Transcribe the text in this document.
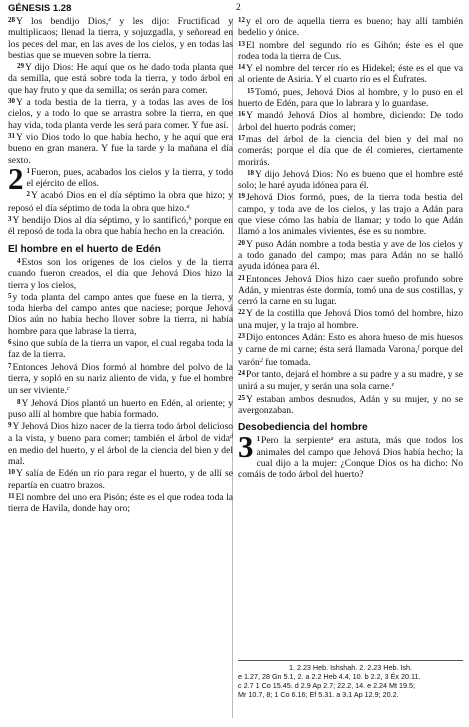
GÉNESIS 1.28	2

$^{28}$Y los bendijo Dios,$^e$ y les dijo: Fructificad y multiplicaos; llenad la tierra, y sojuzgadla, y señoread en los peces del mar, en las aves de los cielos, y en todas las bestias que se mueven sobre la tierra.

$^{29}$Y dijo Dios: He aquí que os he dado toda planta que da semilla, que está sobre toda la tierra, y todo árbol en que hay fruto y que da semilla; os serán para comer.

$^{30}$Y a toda bestia de la tierra, y a todas las aves de los cielos, y a todo lo que se arrastra sobre la tierra, en que hay vida, toda planta verde les será para comer. Y fue así.

$^{31}$Y vio Dios todo lo que había hecho, y he aquí que era bueno en gran manera. Y fue la tarde y la mañana el día sexto.

2 $^1$Fueron, pues, acabados los cielos y la tierra, y todo el ejército de ellos.

$^2$Y acabó Dios en el día séptimo la obra que hizo; y reposó el día séptimo de toda la obra que hizo.$^a$

$^3$Y bendijo Dios al día séptimo, y lo santificó,$^b$ porque en él reposó de toda la obra que había hecho en la creación.

El hombre en el huerto de Edén

$^4$Estos son los orígenes de los cielos y de la tierra cuando fueron creados, el día que Jehová Dios hizo la tierra y los cielos,

$^5$y toda planta del campo antes que fuese en la tierra, y toda hierba del campo antes que naciese; porque Jehová Dios aún no había hecho llover sobre la tierra, ni había hombre para que labrase la tierra,

$^6$sino que subía de la tierra un vapor, el cual regaba toda la faz de la tierra.

$^7$Entonces Jehová Dios formó al hombre del polvo de la tierra, y sopló en su nariz aliento de vida, y fue el hombre un ser viviente.$^c$

$^8$Y Jehová Dios plantó un huerto en Edén, al oriente; y puso allí al hombre que había formado.

$^9$Y Jehová Dios hizo nacer de la tierra todo árbol delicioso a la vista, y bueno para comer; también el árbol de vida$^d$ en medio del huerto, y el árbol de la ciencia del bien y del mal.

$^{10}$Y salía de Edén un río para regar el huerto, y de allí se repartía en cuatro brazos.

$^{11}$El nombre del uno era Pisón; éste es el que rodea toda la tierra de Havila, donde hay oro;

$^{12}$y el oro de aquella tierra es bueno; hay allí también bedelio y ónice.

$^{13}$El nombre del segundo río es Gihón; éste es el que rodea toda la tierra de Cus.

$^{14}$Y el nombre del tercer río es Hidekel; éste es el que va al oriente de Asiria. Y el cuarto río es el Éufrates.

$^{15}$Tomó, pues, Jehová Dios al hombre, y lo puso en el huerto de Edén, para que lo labrara y lo guardase.

$^{16}$Y mandó Jehová Dios al hombre, diciendo: De todo árbol del huerto podrás comer;

$^{17}$mas del árbol de la ciencia del bien y del mal no comerás; porque el día que de él comieres, ciertamente morirás.

$^{18}$Y dijo Jehová Dios: No es bueno que el hombre esté solo; le haré ayuda idónea para él.

$^{19}$Jehová Dios formó, pues, de la tierra toda bestia del campo, y toda ave de los cielos, y las trajo a Adán para que viese cómo las había de llamar; y todo lo que Adán llamó a los animales vivientes, ése es su nombre.

$^{20}$Y puso Adán nombre a toda bestia y ave de los cielos y a todo ganado del campo; mas para Adán no se halló ayuda idónea para él.

$^{21}$Entonces Jehová Dios hizo caer sueño profundo sobre Adán, y mientras éste dormía, tomó una de sus costillas, y cerró la carne en su lugar.

$^{22}$Y de la costilla que Jehová Dios tomó del hombre, hizo una mujer, y la trajo al hombre.

$^{23}$Dijo entonces Adán: Esto es ahora hueso de mis huesos y carne de mi carne; ésta será llamada Varona,$^f$ porque del varón$^2$ fue tomada.

$^{24}$Por tanto, dejará el hombre a su padre y a su madre, y se unirá a su mujer, y serán una sola carne.$^e$

$^{25}$Y estaban ambos desnudos, Adán y su mujer, y no se avergonzaban.

Desobediencia del hombre

3 $^1$Pero la serpiente$^a$ era astuta, más que todos los animales del campo que Jehová Dios había hecho; la cual dijo a la mujer: ¿Conque Dios os ha dicho: No comáis de todo árbol del huerto?

1. 2.23 Heb. Ishshah. 2. 2.23 Heb. Ish.

e 1.27, 28 Gn 5.1, 2. a 2.2 Heb 4.4, 10. b 2.2, 3 Éx 20.11.

c 2.7 1 Co 15.45. d 2.9 Ap 2.7; 22.2, 14. e 2.24 Mt 19.5;

Mr 10.7, 8; 1 Co 6.16; Ef 5.31. a 3.1 Ap 12.9; 20.2.
